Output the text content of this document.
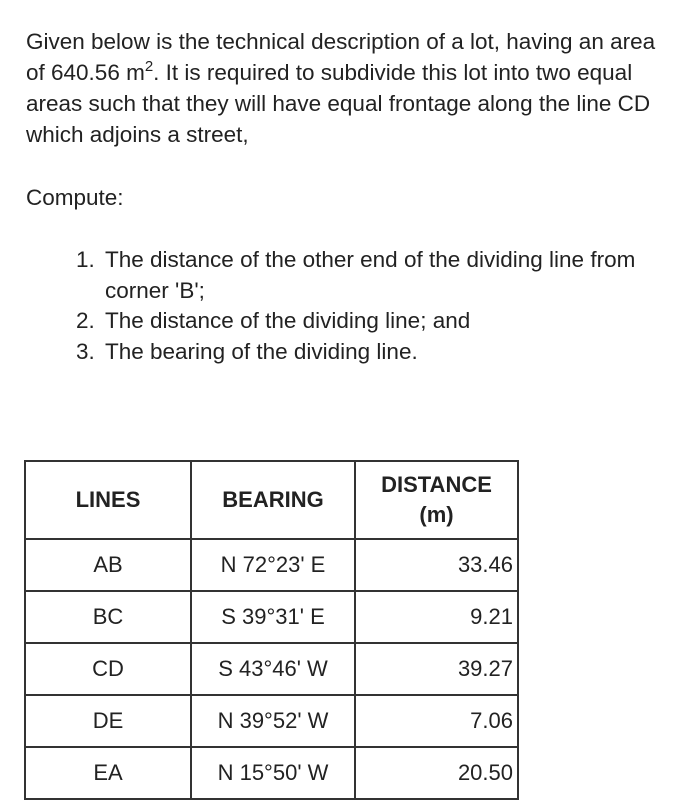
Given below is the technical description of a lot, having an area of 640.56 $m^2$. It is required to subdivide this lot into two equal areas such that they will have equal frontage along the line CD which adjoins a street,

Compute:

1. The distance of the other end of the dividing line from corner 'B';
2. The distance of the dividing line; and
3. The bearing of the dividing line.
LINES	BEARING	DISTANCE
(m)

AB	N 72°23' E	33.46
BC	S 39°31' E	9.21
CD	S 43°46' W	39.27
DE	N 39°52' W	7.06
EA	N 15°50' W	20.50
